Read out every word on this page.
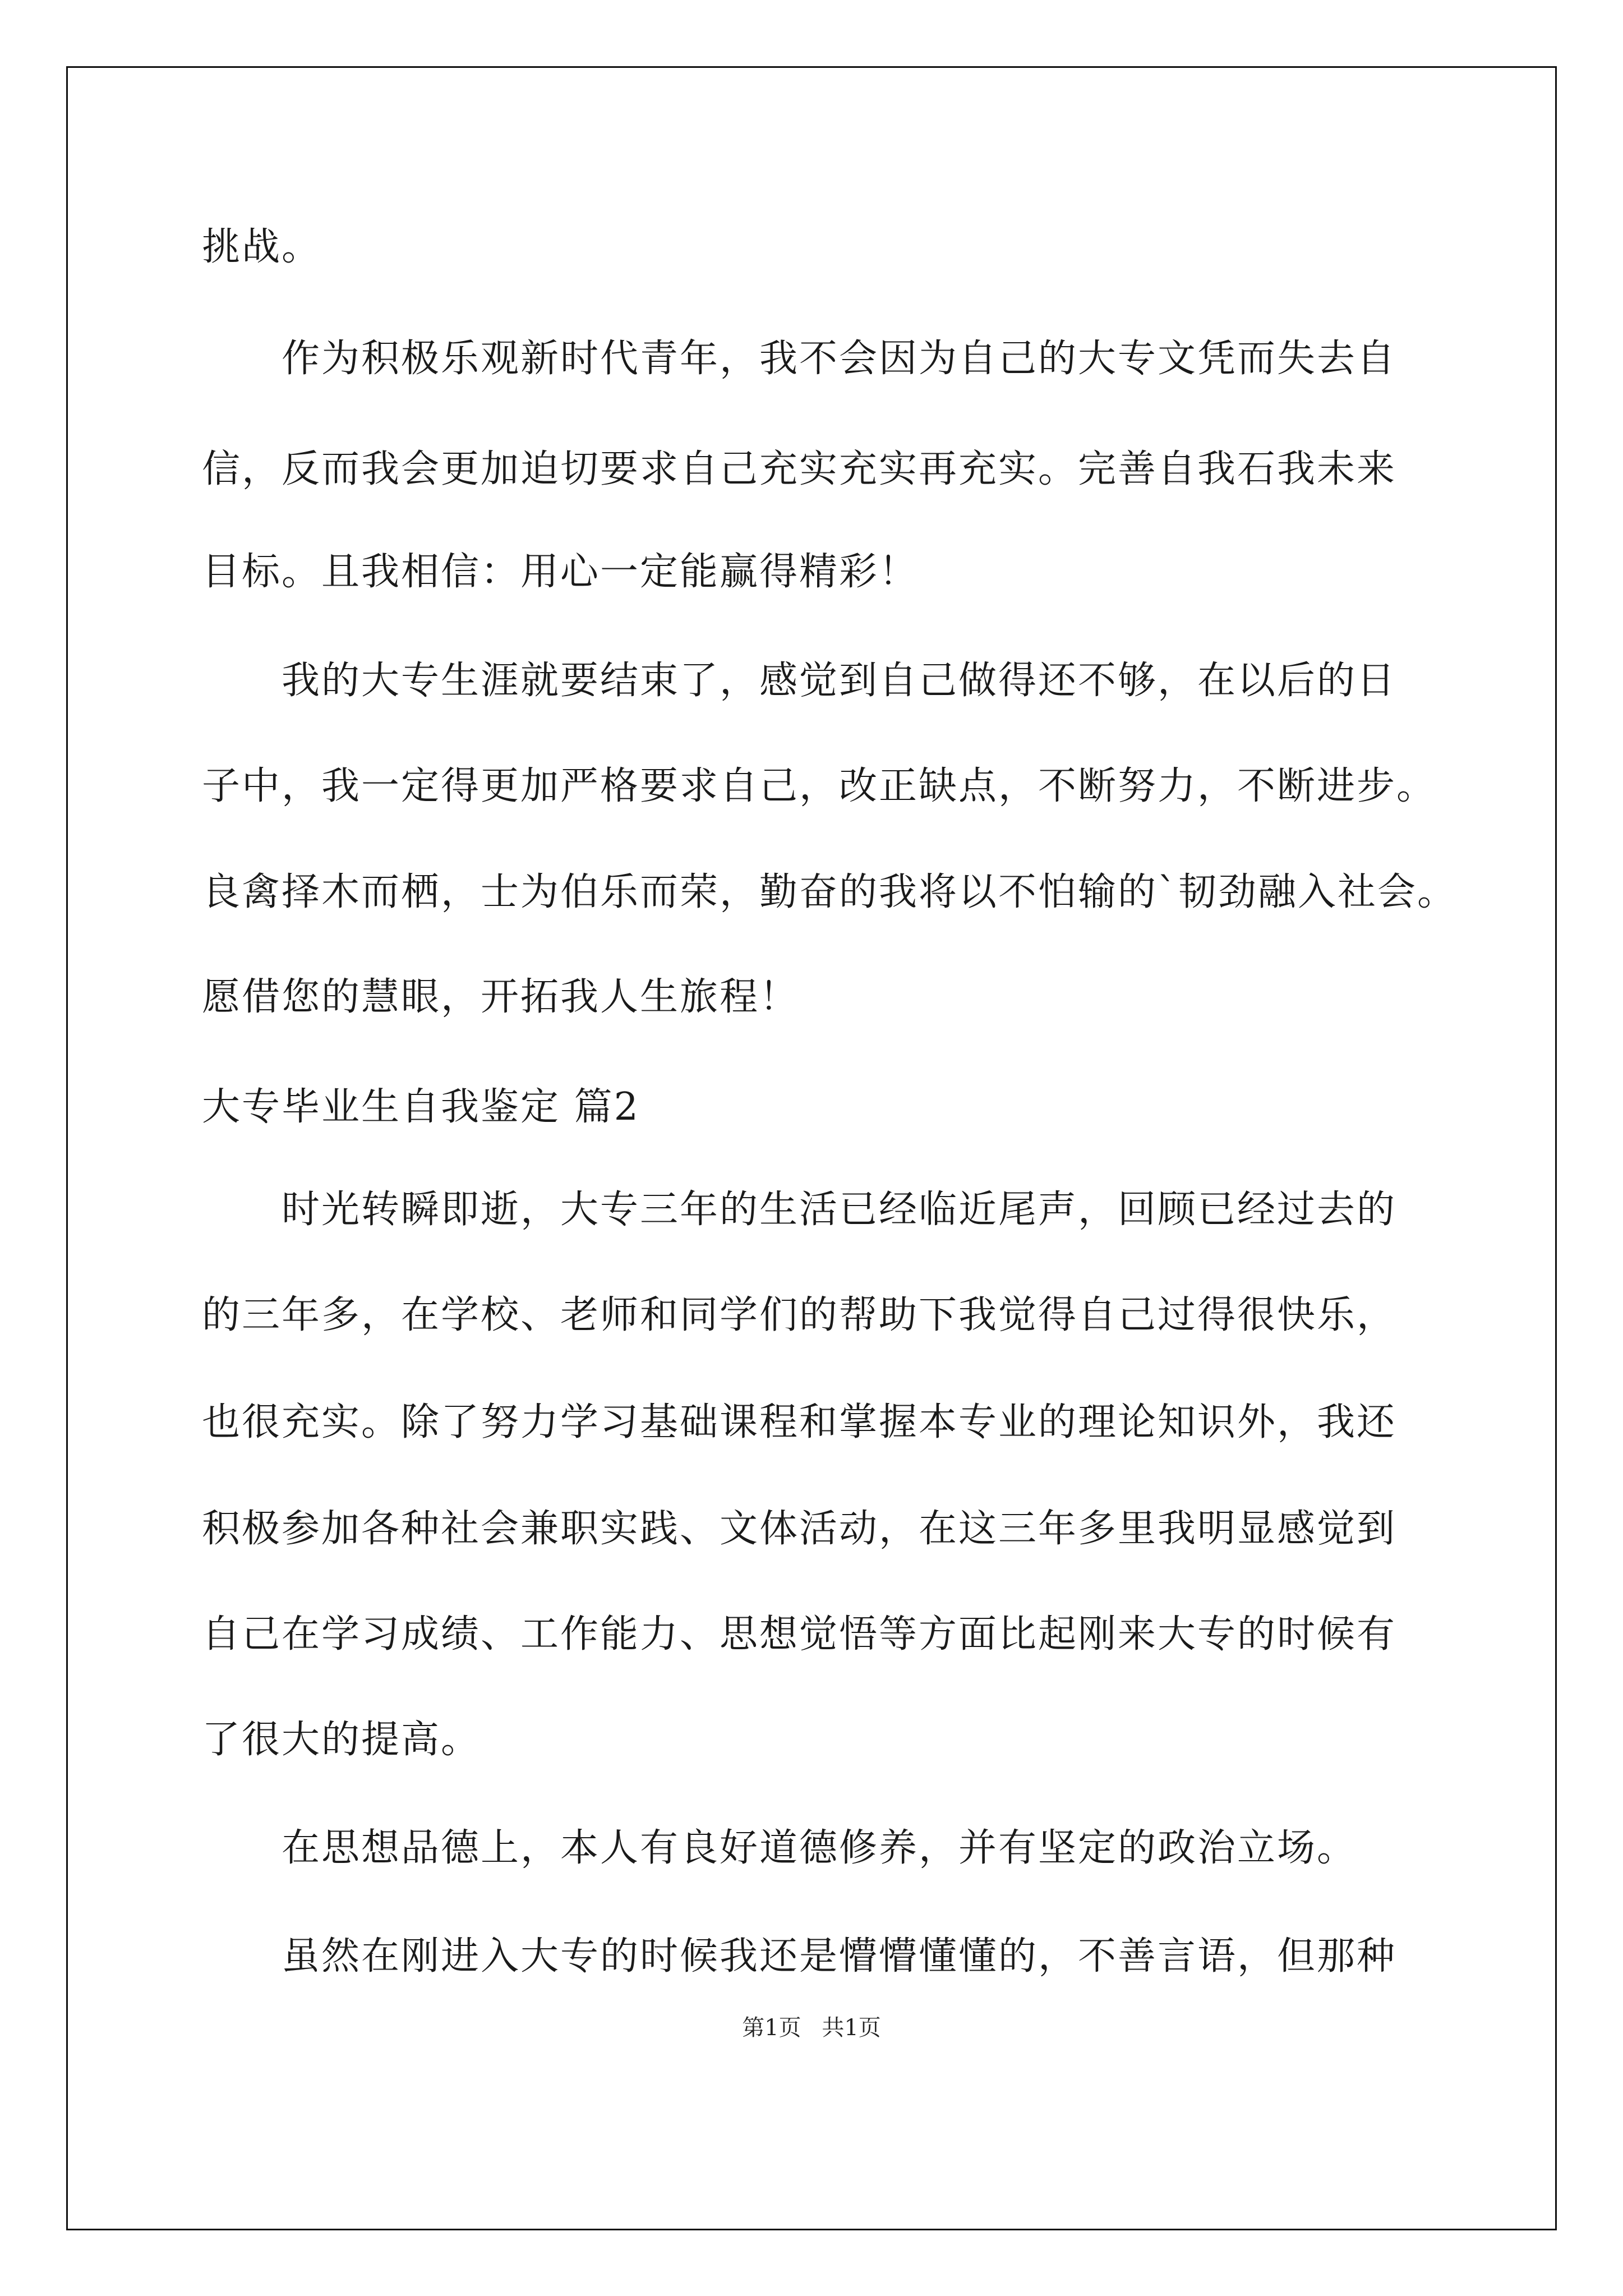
挑战。
作为积极乐观新时代青年，我不会因为自己的大专文凭而失去自
信，反而我会更加迫切要求自己充实充实再充实。完善自我石我未来
目标。且我相信：用心一定能赢得精彩！
我的大专生涯就要结束了，感觉到自己做得还不够，在以后的日
子中，我一定得更加严格要求自己，改正缺点，不断努力，不断进步。
良禽择木而栖，士为伯乐而荣，勤奋的我将以不怕输的`韧劲融入社会。
愿借您的慧眼，开拓我人生旅程！
大专毕业生自我鉴定 篇2
时光转瞬即逝，大专三年的生活已经临近尾声，回顾已经过去的
的三年多，在学校、老师和同学们的帮助下我觉得自己过得很快乐，
也很充实。除了努力学习基础课程和掌握本专业的理论知识外，我还
积极参加各种社会兼职实践、文体活动，在这三年多里我明显感觉到
自己在学习成绩、工作能力、思想觉悟等方面比起刚来大专的时候有
了很大的提高。
在思想品德上，本人有良好道德修养，并有坚定的政治立场。
虽然在刚进入大专的时候我还是懵懵懂懂的，不善言语，但那种
第1页 共1页
